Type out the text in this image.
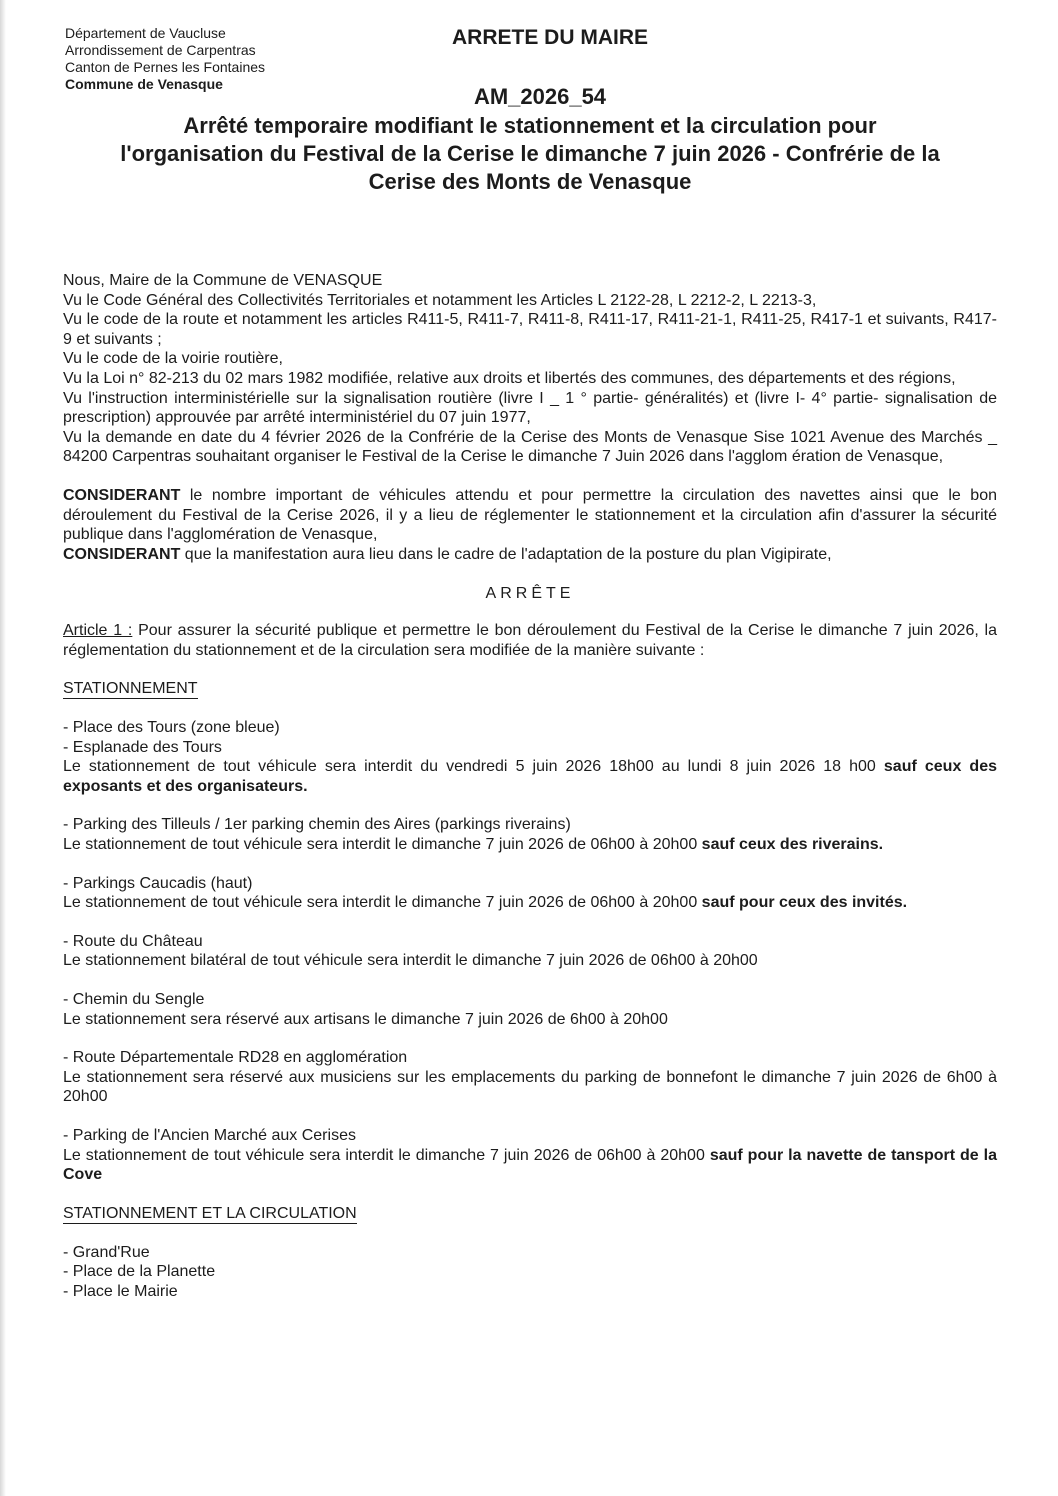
Département de Vaucluse
Arrondissement de Carpentras
Canton de Pernes les Fontaines
Commune de Venasque
ARRETE DU MAIRE
AM_2026_54
Arrêté temporaire modifiant le stationnement et la circulation pour
l'organisation du Festival de la Cerise le dimanche 7 juin 2026 - Confrérie de la
Cerise des Monts de Venasque

Nous, Maire de la Commune de VENASQUE

Vu le Code Général des Collectivités Territoriales et notamment les Articles L 2122-28, L 2212-2, L 2213-3,

Vu le code de la route et notamment les articles R411-5, R411-7, R411-8, R411-17, R411-21-1, R411-25, R417-1 et suivants, R417-9 et suivants ;

Vu le code de la voirie routière,

Vu la Loi n° 82-213 du 02 mars 1982 modifiée, relative aux droits et libertés des communes, des départements et des régions,

Vu l'instruction interministérielle sur la signalisation routière (livre I _ 1 ° partie- généralités) et (livre I- 4° partie- signalisation de prescription) approuvée par arrêté interministériel du 07 juin 1977,

Vu la demande en date du 4 février 2026 de la Confrérie de la Cerise des Monts de Venasque Sise 1021 Avenue des Marchés _ 84200 Carpentras souhaitant organiser le Festival de la Cerise le dimanche 7 Juin 2026 dans l'agglom ération de Venasque,

CONSIDERANT le nombre important de véhicules attendu et pour permettre la circulation des navettes ainsi que le bon déroulement du Festival de la Cerise 2026, il y a lieu de réglementer le stationnement et la circulation afin d'assurer la sécurité publique dans l'agglomération de Venasque,

CONSIDERANT que la manifestation aura lieu dans le cadre de l'adaptation de la posture du plan Vigipirate,

ARRÊTE

Article 1 : Pour assurer la sécurité publique et permettre le bon déroulement du Festival de la Cerise le dimanche 7 juin 2026, la réglementation du stationnement et de la circulation sera modifiée de la manière suivante :

STATIONNEMENT

- Place des Tours (zone bleue)

- Esplanade des Tours

Le stationnement de tout véhicule sera interdit du vendredi 5 juin 2026 18h00 au lundi 8 juin 2026 18 h00 sauf ceux des exposants et des organisateurs.

- Parking des Tilleuls / 1er parking chemin des Aires (parkings riverains)

Le stationnement de tout véhicule sera interdit le dimanche 7 juin 2026 de 06h00 à 20h00 sauf ceux des riverains.

- Parkings Caucadis (haut)

Le stationnement de tout véhicule sera interdit le dimanche 7 juin 2026 de 06h00 à 20h00 sauf pour ceux des invités.

- Route du Château

Le stationnement bilatéral de tout véhicule sera interdit le dimanche 7 juin 2026 de 06h00 à 20h00

- Chemin du Sengle

Le stationnement sera réservé aux artisans le dimanche 7 juin 2026 de 6h00 à 20h00

- Route Départementale RD28 en agglomération

Le stationnement sera réservé aux musiciens sur les emplacements du parking de bonnefont le dimanche 7 juin 2026 de 6h00 à 20h00

- Parking de l'Ancien Marché aux Cerises

Le stationnement de tout véhicule sera interdit le dimanche 7 juin 2026 de 06h00 à 20h00 sauf pour la navette de tansport de la Cove

STATIONNEMENT ET LA CIRCULATION

- Grand'Rue

- Place de la Planette

- Place le Mairie
